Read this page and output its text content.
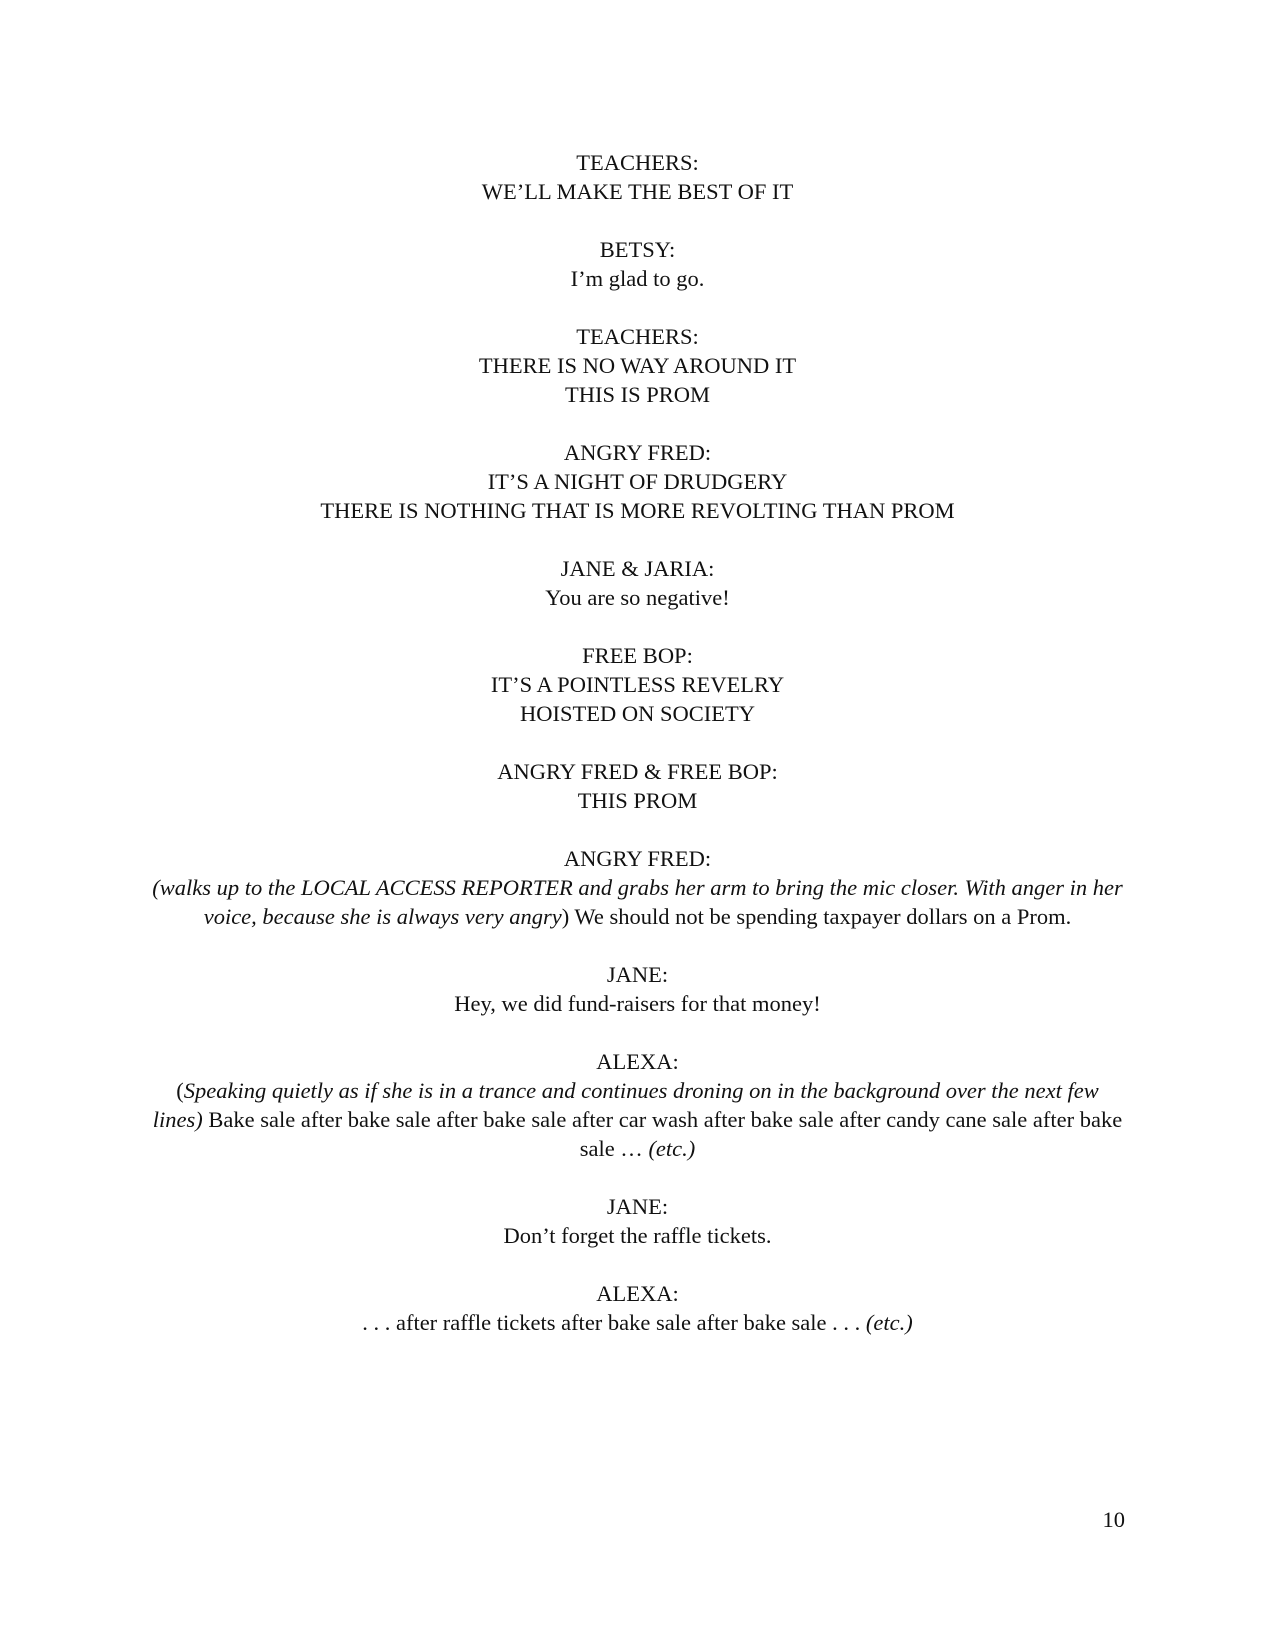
TEACHERS:
WE’LL MAKE THE BEST OF IT
BETSY:
I’m glad to go.
TEACHERS:
THERE IS NO WAY AROUND IT
THIS IS PROM
ANGRY FRED:
IT’S A NIGHT OF DRUDGERY
THERE IS NOTHING THAT IS MORE REVOLTING THAN PROM
JANE & JARIA:
You are so negative!
FREE BOP:
IT’S A POINTLESS REVELRY
HOISTED ON SOCIETY
ANGRY FRED & FREE BOP:
THIS PROM
ANGRY FRED:
(walks up to the LOCAL ACCESS REPORTER and grabs her arm to bring the mic closer. With anger in her voice, because she is always very angry) We should not be spending taxpayer dollars on a Prom.
JANE:
Hey, we did fund-raisers for that money!
ALEXA:
(Speaking quietly as if she is in a trance and continues droning on in the background over the next few lines) Bake sale after bake sale after bake sale after car wash after bake sale after candy cane sale after bake sale … (etc.)
JANE:
Don’t forget the raffle tickets.
ALEXA:
. . . after raffle tickets after bake sale after bake sale . . . (etc.)
10
